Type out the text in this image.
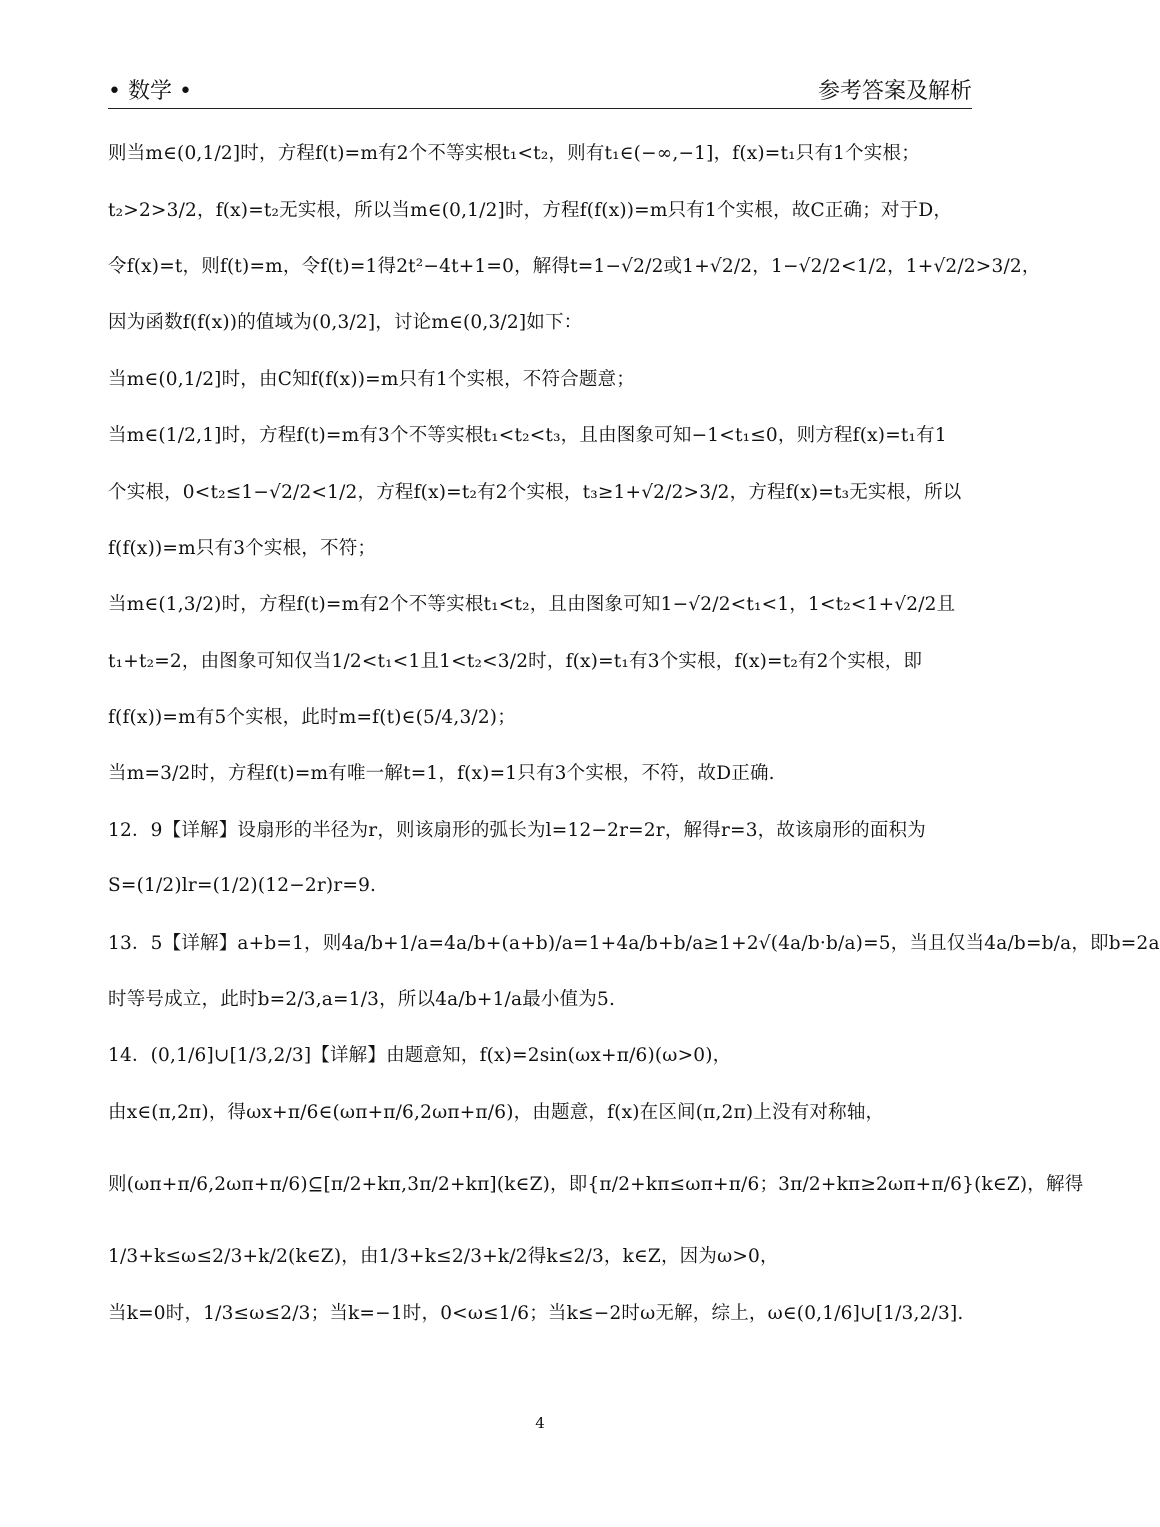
• 数学 •	参考答案及解析
则当m∈(0,1/2]时，方程f(t)=m有2个不等实根t₁<t₂，则有t₁∈(−∞,−1]，f(x)=t₁只有1个实根；
t₂>2>3/2，f(x)=t₂无实根，所以当m∈(0,1/2]时，方程f(f(x))=m只有1个实根，故C正确；对于D，
令f(x)=t，则f(t)=m，令f(t)=1得2t²−4t+1=0，解得t=1−√2/2或1+√2/2，1−√2/2<1/2，1+√2/2>3/2，
因为函数f(f(x))的值域为(0,3/2]，讨论m∈(0,3/2]如下：
当m∈(0,1/2]时，由C知f(f(x))=m只有1个实根，不符合题意；
当m∈(1/2,1]时，方程f(t)=m有3个不等实根t₁<t₂<t₃，且由图象可知−1<t₁≤0，则方程f(x)=t₁有1
个实根，0<t₂≤1−√2/2<1/2，方程f(x)=t₂有2个实根，t₃≥1+√2/2>3/2，方程f(x)=t₃无实根，所以
f(f(x))=m只有3个实根，不符；
当m∈(1,3/2)时，方程f(t)=m有2个不等实根t₁<t₂，且由图象可知1−√2/2<t₁<1，1<t₂<1+√2/2且
t₁+t₂=2，由图象可知仅当1/2<t₁<1且1<t₂<3/2时，f(x)=t₁有3个实根，f(x)=t₂有2个实根，即
f(f(x))=m有5个实根，此时m=f(t)∈(5/4,3/2)；
当m=3/2时，方程f(t)=m有唯一解t=1，f(x)=1只有3个实根，不符，故D正确.
12．9【详解】设扇形的半径为r，则该扇形的弧长为l=12−2r=2r，解得r=3，故该扇形的面积为
S=(1/2)lr=(1/2)(12−2r)r=9.
13．5【详解】a+b=1，则4a/b+1/a=4a/b+(a+b)/a=1+4a/b+b/a≥1+2√(4a/b·b/a)=5，当且仅当4a/b=b/a，即b=2a
时等号成立，此时b=2/3,a=1/3，所以4a/b+1/a最小值为5.
14．(0,1/6]∪[1/3,2/3]【详解】由题意知，f(x)=2sin(ωx+π/6)(ω>0)，
由x∈(π,2π)，得ωx+π/6∈(ωπ+π/6,2ωπ+π/6)，由题意，f(x)在区间(π,2π)上没有对称轴，
则(ωπ+π/6,2ωπ+π/6)⊆[π/2+kπ,3π/2+kπ](k∈Z)，即{π/2+kπ≤ωπ+π/6；3π/2+kπ≥2ωπ+π/6}(k∈Z)，解得
1/3+k≤ω≤2/3+k/2(k∈Z)，由1/3+k≤2/3+k/2得k≤2/3，k∈Z，因为ω>0，
当k=0时，1/3≤ω≤2/3；当k=−1时，0<ω≤1/6；当k≤−2时ω无解，综上，ω∈(0,1/6]∪[1/3,2/3].
4
